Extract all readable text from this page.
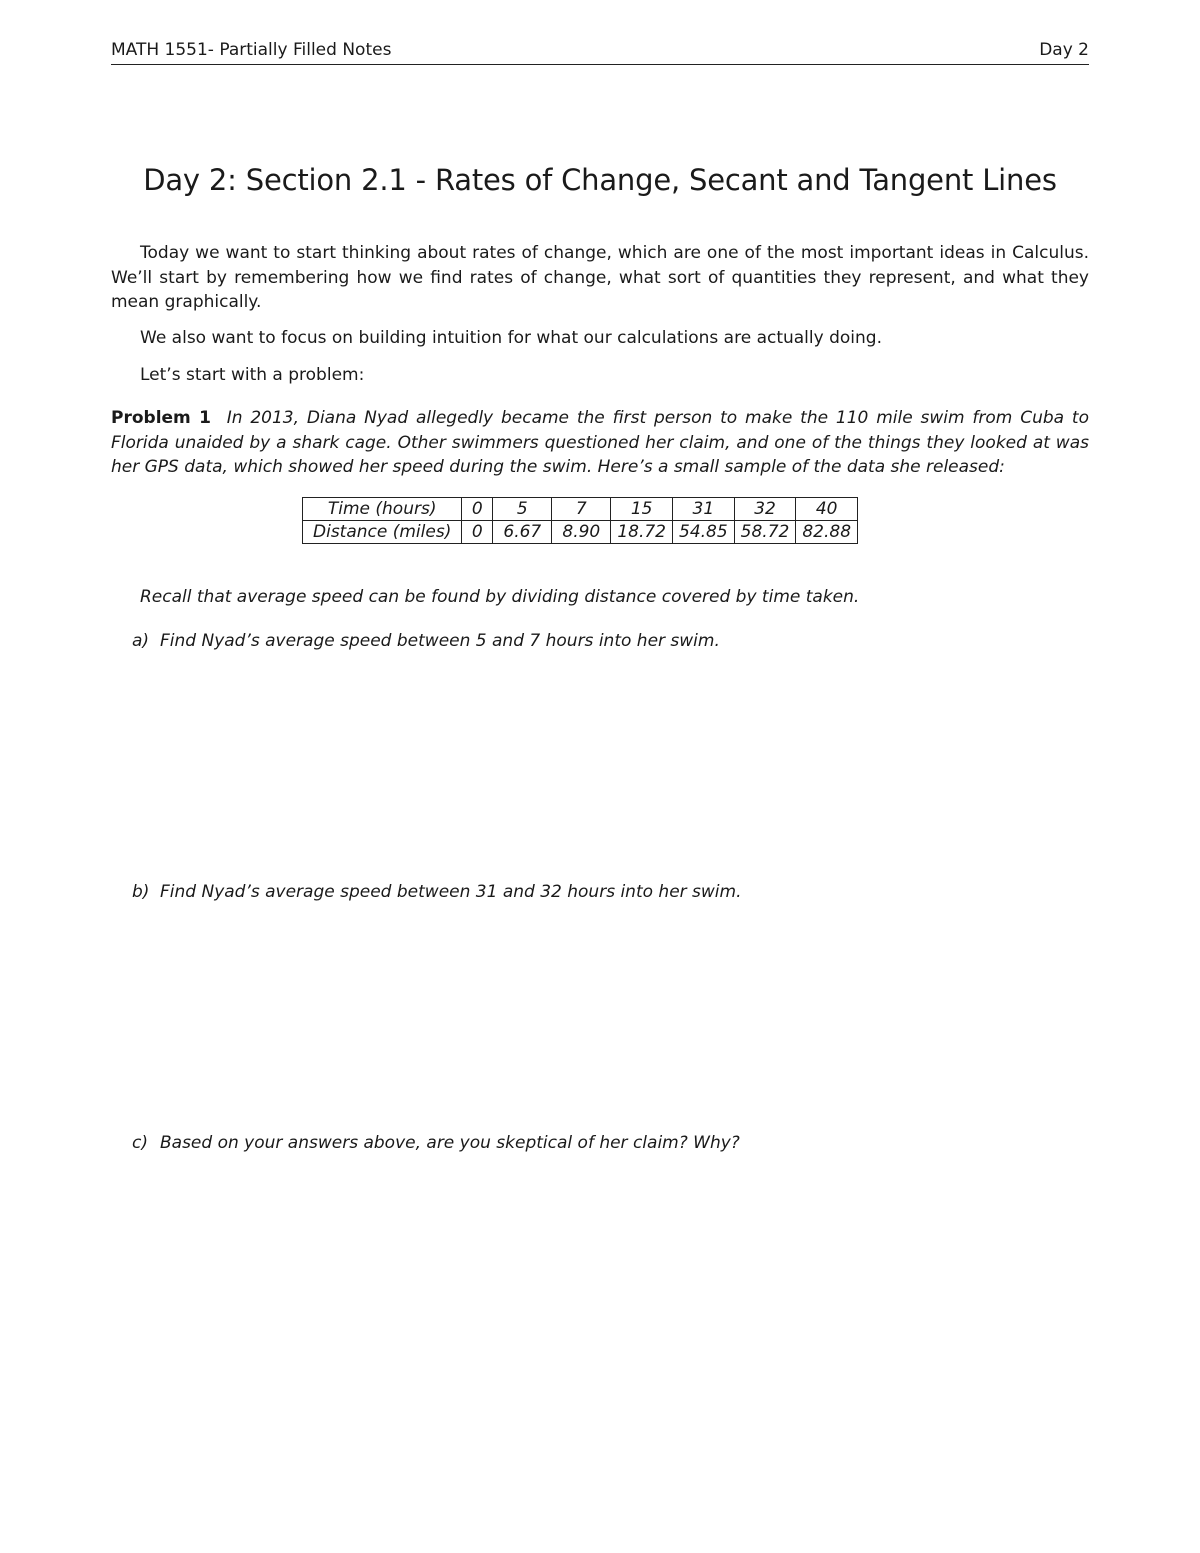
MATH 1551- Partially Filled Notes	Day 2
Day 2: Section 2.1 - Rates of Change, Secant and Tangent Lines
Today we want to start thinking about rates of change, which are one of the most important ideas in Calculus. We’ll start by remembering how we find rates of change, what sort of quantities they represent, and what they mean graphically.
We also want to focus on building intuition for what our calculations are actually doing.
Let’s start with a problem:
Problem 1 In 2013, Diana Nyad allegedly became the first person to make the 110 mile swim from Cuba to Florida unaided by a shark cage. Other swimmers questioned her claim, and one of the things they looked at was her GPS data, which showed her speed during the swim. Here’s a small sample of the data she released:
Time (hours)	0	5	7	15	31	32	40
Distance (miles)	0	6.67	8.90	18.72	54.85	58.72	82.88
Recall that average speed can be found by dividing distance covered by time taken.
a) Find Nyad’s average speed between 5 and 7 hours into her swim.
b) Find Nyad’s average speed between 31 and 32 hours into her swim.
c) Based on your answers above, are you skeptical of her claim? Why?
